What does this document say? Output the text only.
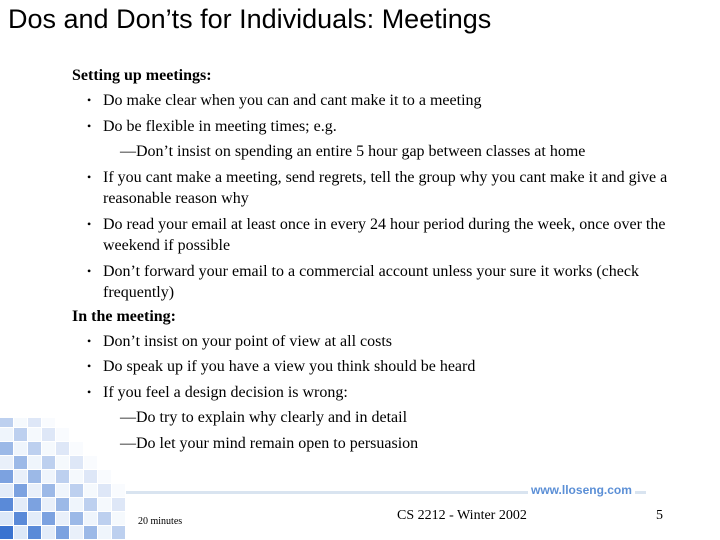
Dos and Don’ts for Individuals: Meetings
Setting up meetings:
• Do make clear when you can and cant make it to a meeting
• Do be flexible in meeting times; e.g.
—Don’t insist on spending an entire 5 hour gap between classes at home
• If you cant make a meeting, send regrets, tell the group why you cant make it and give a reasonable reason why
• Do read your email at least once in every 24 hour period during the week, once over the weekend if possible
• Don’t forward your email to a commercial account unless your sure it works (check frequently)
In the meeting:
• Don’t insist on your point of view at all costs
• Do speak up if you have a view you think should be heard
• If you feel a design decision is wrong:
—Do try to explain why clearly and in detail
—Do let your mind remain open to persuasion
www.lloseng.com
20 minutes	CS 2212 - Winter 2002	5
